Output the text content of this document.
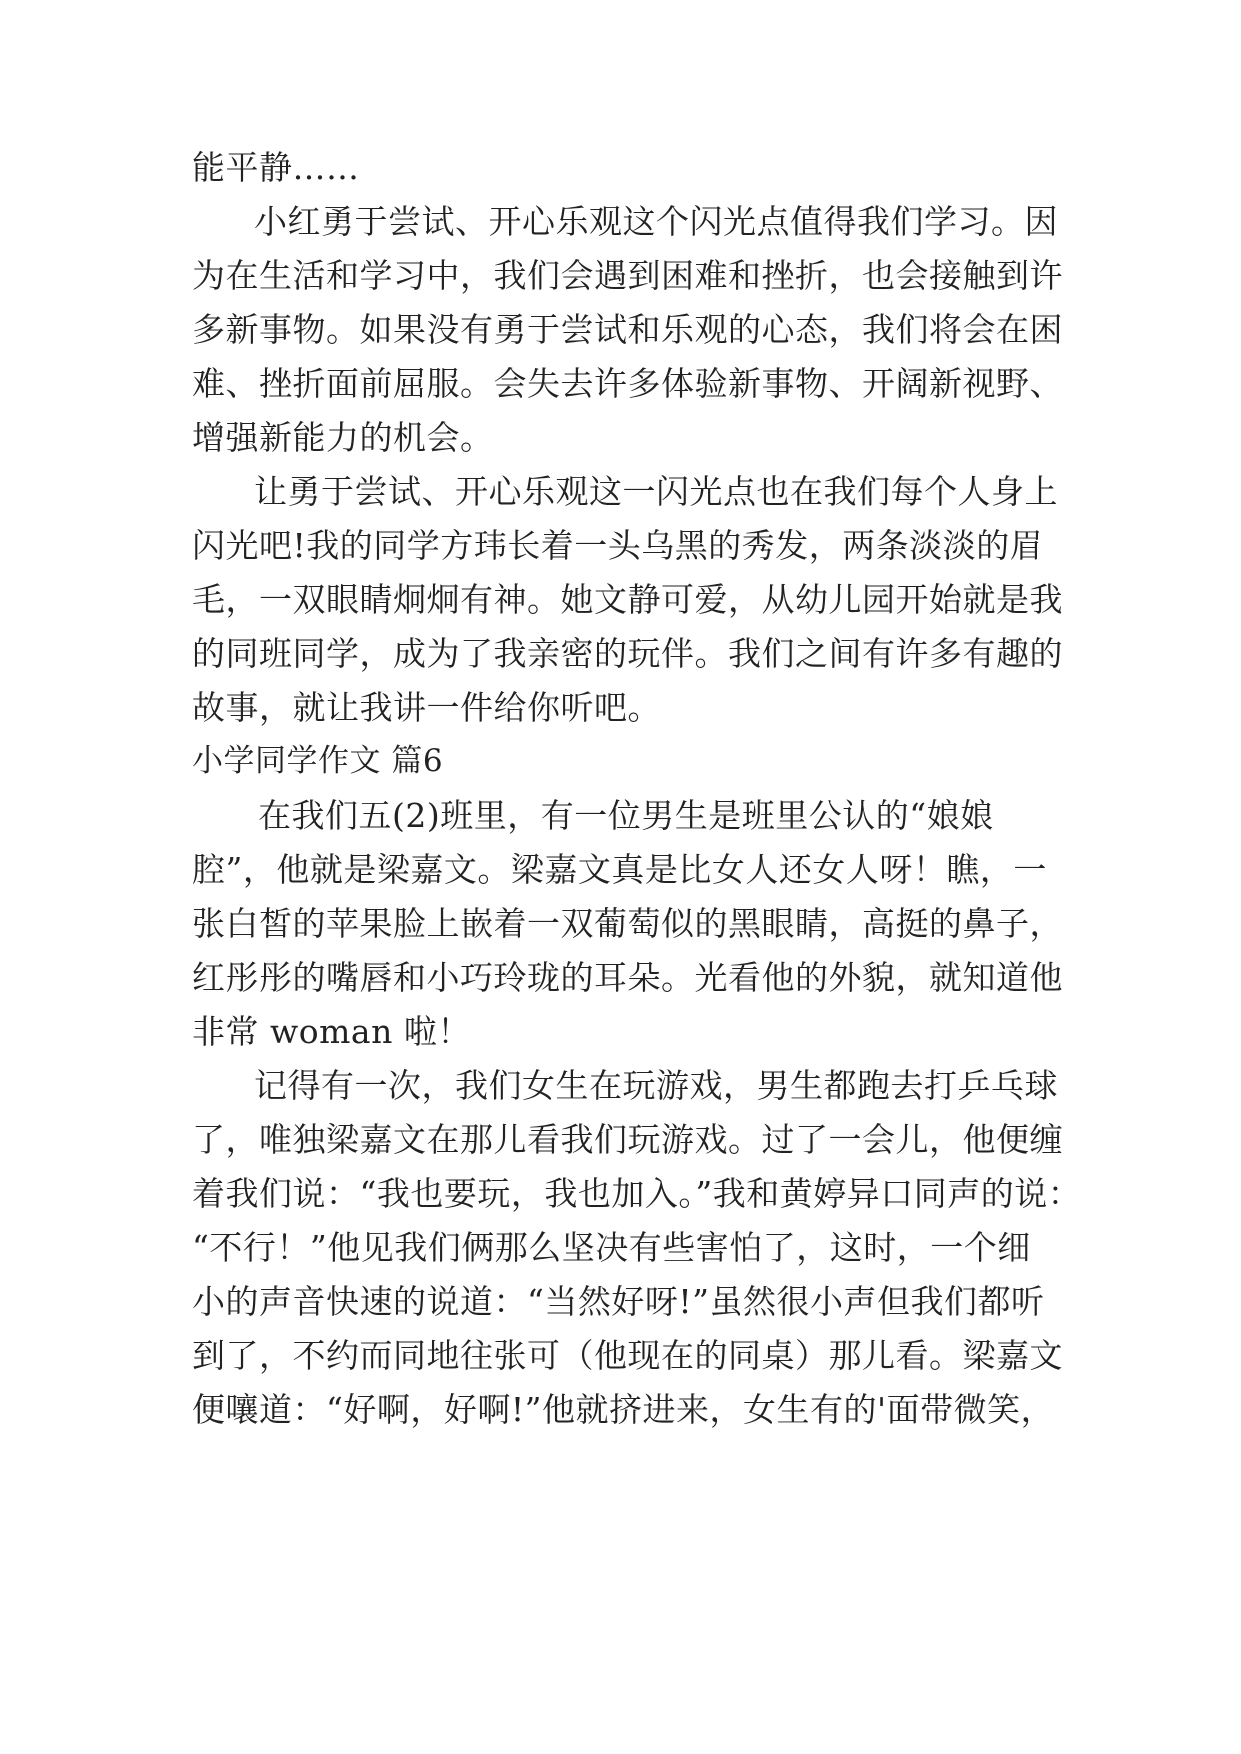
能平静……
小红勇于尝试、开心乐观这个闪光点值得我们学习。因
为在生活和学习中，我们会遇到困难和挫折，也会接触到许
多新事物。如果没有勇于尝试和乐观的心态，我们将会在困
难、挫折面前屈服。会失去许多体验新事物、开阔新视野、
增强新能力的机会。
让勇于尝试、开心乐观这一闪光点也在我们每个人身上
闪光吧!我的同学方玮长着一头乌黑的秀发，两条淡淡的眉
毛，一双眼睛炯炯有神。她文静可爱，从幼儿园开始就是我
的同班同学，成为了我亲密的玩伴。我们之间有许多有趣的
故事，就让我讲一件给你听吧。
小学同学作文 篇6
在我们五(2)班里，有一位男生是班里公认的“娘娘
腔”，他就是梁嘉文。梁嘉文真是比女人还女人呀！瞧，一
张白皙的苹果脸上嵌着一双葡萄似的黑眼睛，高挺的鼻子，
红彤彤的嘴唇和小巧玲珑的耳朵。光看他的外貌，就知道他
非常 woman 啦！
记得有一次，我们女生在玩游戏，男生都跑去打乒乓球
了，唯独梁嘉文在那儿看我们玩游戏。过了一会儿，他便缠
着我们说：“我也要玩，我也加入。”我和黄婷异口同声的说：
“不行！”他见我们俩那么坚决有些害怕了，这时，一个细
小的声音快速的说道：“当然好呀!”虽然很小声但我们都听
到了，不约而同地往张可（他现在的同桌）那儿看。梁嘉文
便嚷道：“好啊，好啊!”他就挤进来，女生有的'面带微笑，
